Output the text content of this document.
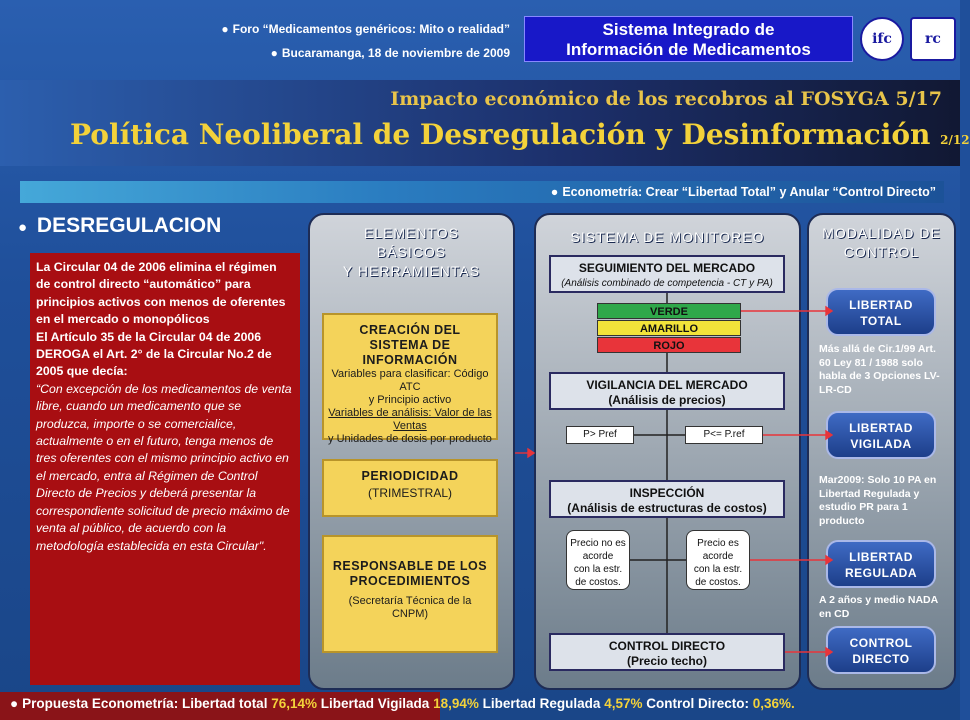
● Foro “Medicamentos genéricos: Mito o realidad”
● Bucaramanga, 18 de noviembre de 2009
Sistema Integrado de
Información de Medicamentos
ifc	rc
Impacto económico de los recobros al FOSYGA 5/17
Política Neoliberal de Desregulación y Desinformación 2/12
● Econometría: Crear “Libertad Total” y Anular “Control Directo”
● DESREGULACION
La Circular 04 de 2006 elimina el régimen de control directo “automático” para principios activos con menos de oferentes en el mercado o monopólicos
El Artículo 35 de la Circular 04 de 2006 DEROGA el Art. 2° de la Circular No.2 de 2005 que decía:
“Con excepción de los medicamentos de venta libre, cuando un medicamento que se produzca, importe o se comercialice, actualmente o en el futuro, tenga menos de tres oferentes con el mismo principio activo en el mercado, entra al Régimen de Control Directo de Precios y deberá presentar la correspondiente solicitud de precio máximo de venta al público, de acuerdo con la metodología establecida en esta Circular".
ELEMENTOS
BÁSICOS
Y HERRAMIENTAS
CREACIÓN DEL
SISTEMA DE
INFORMACIÓN
Variables para clasificar: Código ATC
y Principio activo
Variables de análisis: Valor de las Ventas
y Unidades de dosis por producto
PERIODICIDAD
(TRIMESTRAL)
RESPONSABLE DE LOS
PROCEDIMIENTOS
(Secretaría Técnica de la
CNPM)
SISTEMA DE MONITOREO
SEGUIMIENTO DEL MERCADO
(Análisis combinado de competencia - CT y PA)
VERDE
AMARILLO
ROJO
VIGILANCIA DEL MERCADO
(Análisis de precios)
P> Pref	P<= P.ref
INSPECCIÓN
(Análisis de estructuras de costos)
Precio no es
acorde
con la estr.
de costos.
Precio es
acorde
con la estr.
de costos.
CONTROL DIRECTO
(Precio techo)
MODALIDAD DE
CONTROL
LIBERTAD
TOTAL
Más allá de Cir.1/99 Art. 60 Ley 81 / 1988 solo habla de 3 Opciones LV-LR-CD
LIBERTAD
VIGILADA
Mar2009: Solo 10 PA en Libertad Regulada y estudio PR para 1 producto
LIBERTAD
REGULADA
A 2 años y medio NADA en CD
CONTROL
DIRECTO
● Propuesta Econometría: Libertad total 76,14% Libertad Vigilada 18,94% Libertad Regulada 4,57% Control Directo: 0,36%.
